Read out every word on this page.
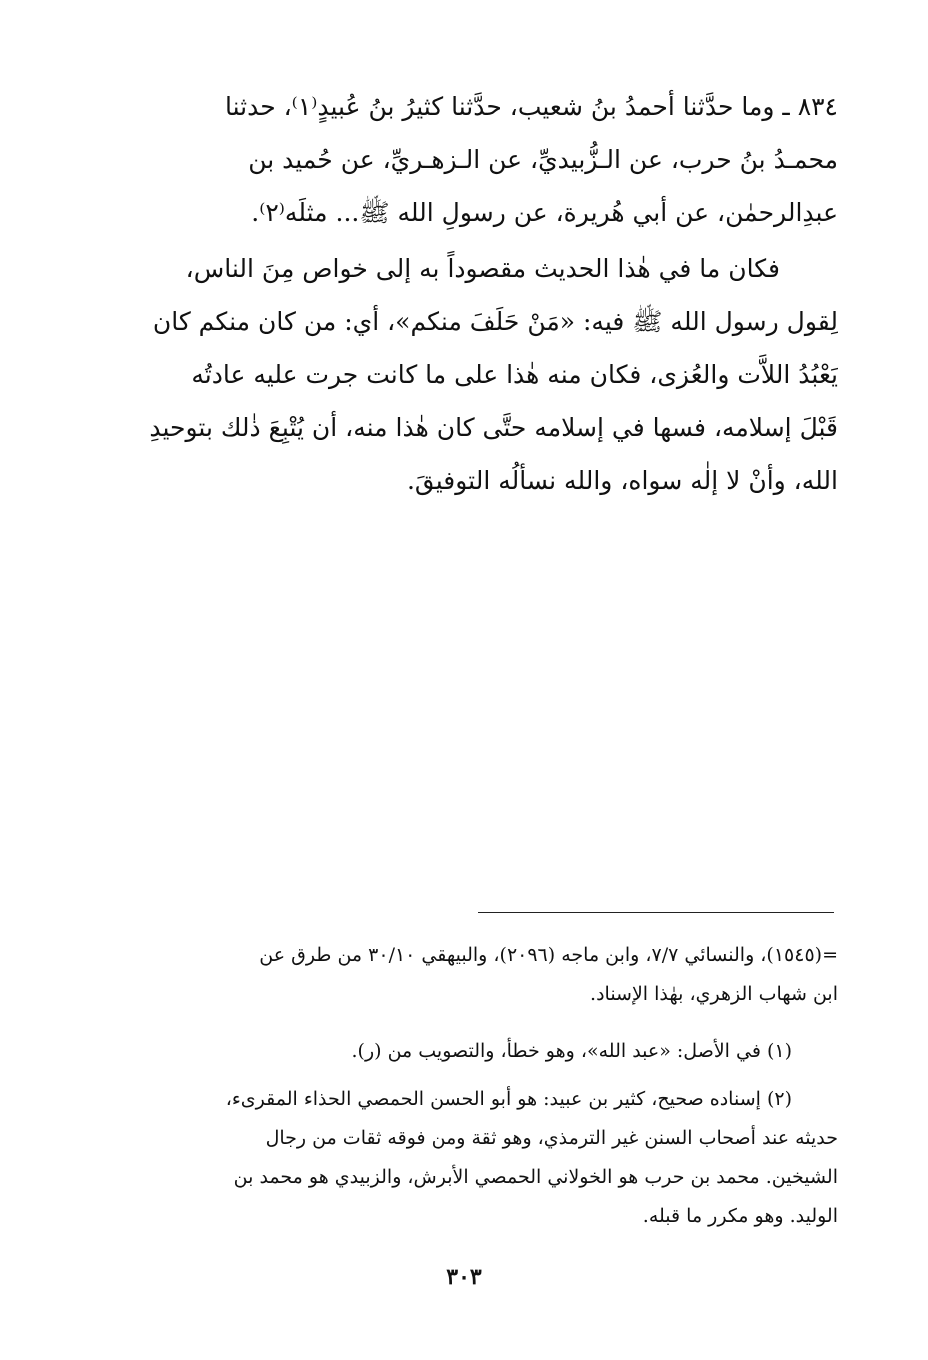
٨٣٤ ـ وما حدَّثنا أحمدُ بنُ شعيب، حدَّثنا كثيرُ بنُ عُبيدٍ⁽١⁾، حدثنا
محمـدُ بنُ حرب، عن الـزُّبيديِّ، عن الـزهـريِّ، عن حُميد بن
عبدِالرحمٰن، عن أبي هُريرة، عن رسولِ الله ﷺ... مثلَه⁽٢⁾.
فكان ما في هٰذا الحديث مقصوداً به إلى خواص مِنَ الناس،
لِقول رسول الله ﷺ فيه: «مَنْ حَلَفَ منكم»، أي: من كان منكم كان
يَعْبُدُ اللاَّت والعُزى، فكان منه هٰذا على ما كانت جرت عليه عادتُه
قَبْلَ إسلامه، فسها في إسلامه حتَّى كان هٰذا منه، أن يُتْبِعَ ذٰلك بتوحيدِ
الله، وأنْ لا إلٰه سواه، والله نسألُه التوفيقَ.
=(١٥٤٥)، والنسائي ٧/٧، وابن ماجه (٢٠٩٦)، والبيهقي ٣٠/١٠ من طرق عن
ابن شهاب الزهري، بهٰذا الإسناد.
(١) في الأصل: «عبد الله»، وهو خطأ، والتصويب من (ر).
(٢) إسناده صحيح، كثير بن عبيد: هو أبو الحسن الحمصي الحذاء المقرىء،
حديثه عند أصحاب السنن غير الترمذي، وهو ثقة ومن فوقه ثقات من رجال
الشيخين. محمد بن حرب هو الخولاني الحمصي الأبرش، والزبيدي هو محمد بن
الوليد. وهو مكرر ما قبله.
٣٠٣
